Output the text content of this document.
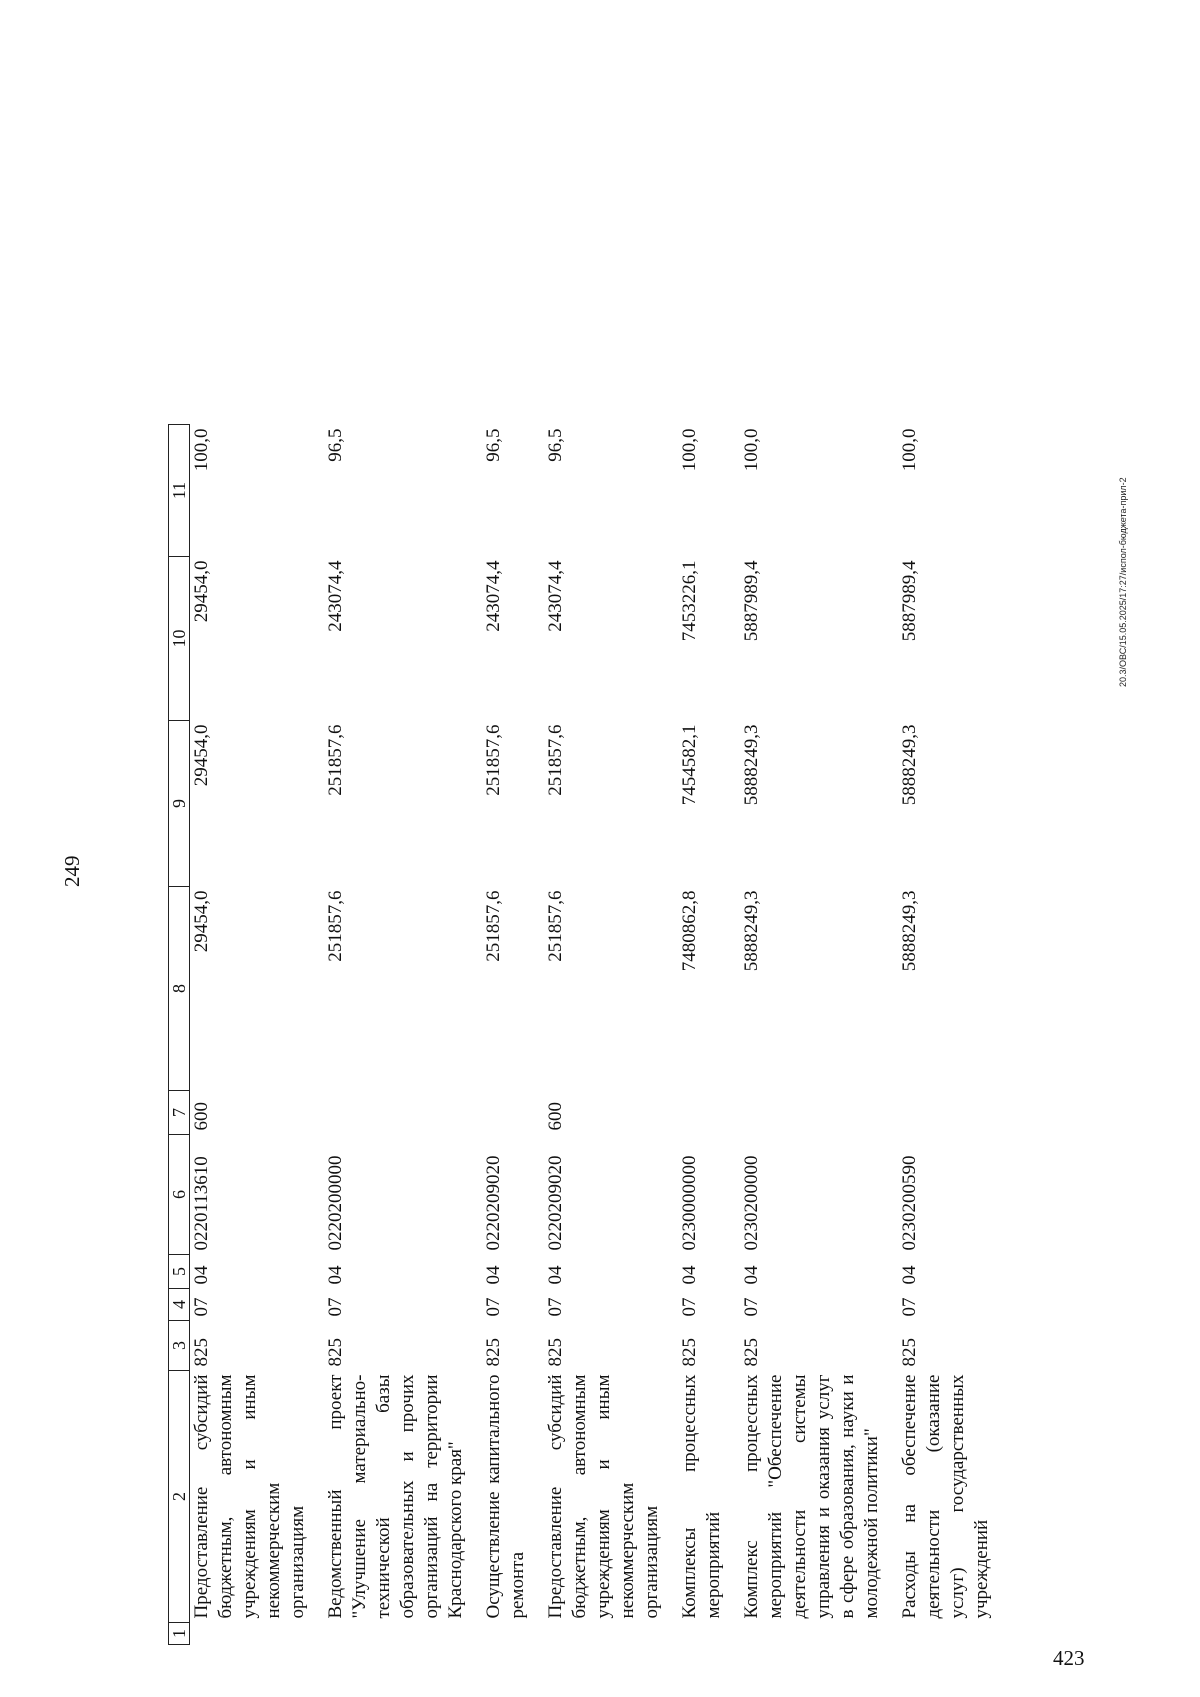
249
1	2	3	4	5	6	7	8	9	10	11
	Предоставление субсидий бюджетным, автономным учреждениям и иным некоммерческим организациям	825	07	04	0220113610	600	29454,0	29454,0	29454,0	100,0
	Ведомственный проект "Улучшение материально-технической базы образовательных и прочих организаций на территории Краснодарского края"	825	07	04	0220200000		251857,6	251857,6	243074,4	96,5
	Осуществление капитального ремонта	825	07	04	0220209020		251857,6	251857,6	243074,4	96,5
	Предоставление субсидий бюджетным, автономным учреждениям и иным некоммерческим организациям	825	07	04	0220209020	600	251857,6	251857,6	243074,4	96,5
	Комплексы процессных мероприятий	825	07	04	0230000000		7480862,8	7454582,1	7453226,1	100,0
	Комплекс процессных мероприятий "Обеспечение деятельности системы управления и оказания услуг в сфере образования, науки и молодежной политики"	825	07	04	0230200000		5888249,3	5888249,3	5887989,4	100,0
	Расходы на обеспечение деятельности (оказание услуг) государственных учреждений	825	07	04	0230200590		5888249,3	5888249,3	5887989,4	100,0
20.3/ОВС/15.05.2025/17:27/испол-бюджета-прил-2
423
